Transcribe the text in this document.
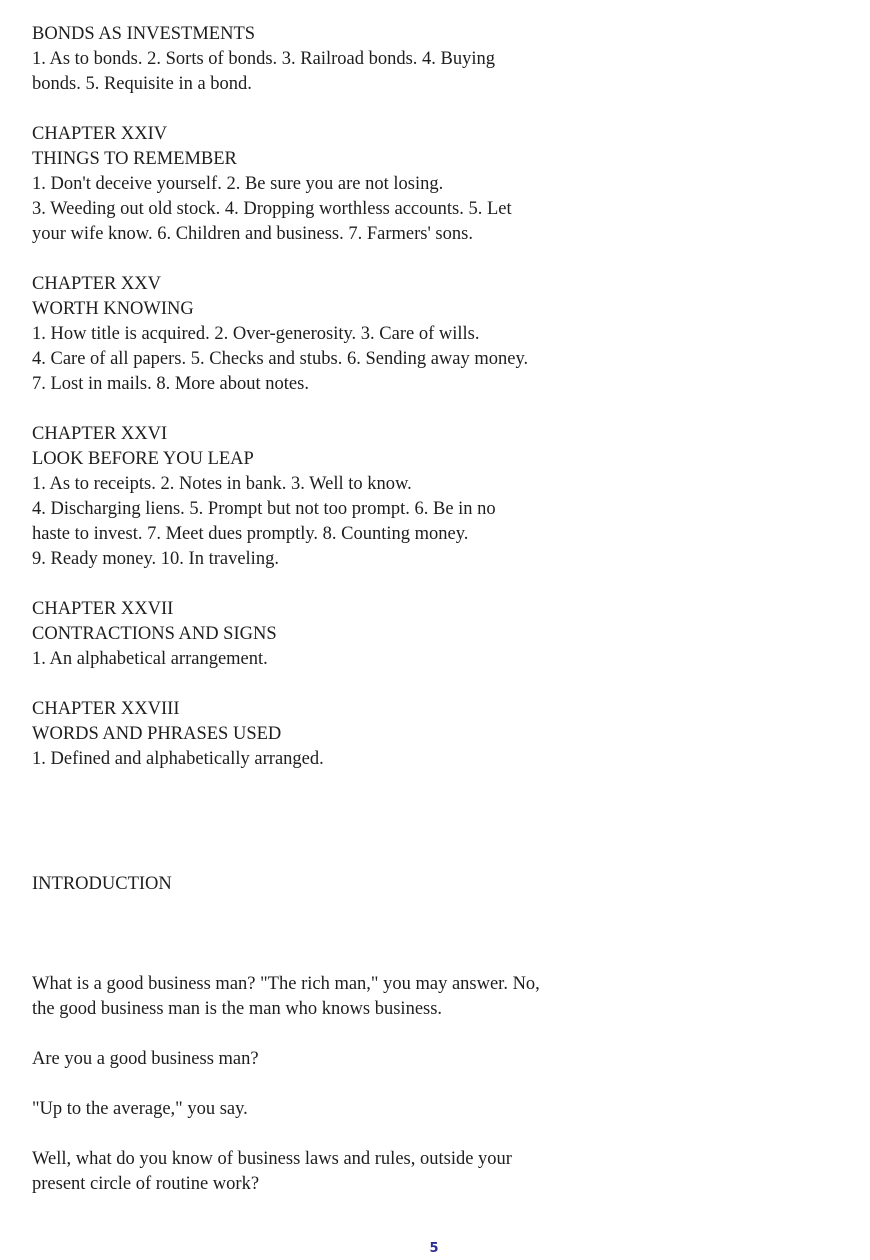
BONDS AS INVESTMENTS
1. As to bonds. 2. Sorts of bonds. 3. Railroad bonds. 4. Buying
bonds. 5. Requisite in a bond.
CHAPTER XXIV
THINGS TO REMEMBER
1. Don't deceive yourself. 2. Be sure you are not losing.
3. Weeding out old stock. 4. Dropping worthless accounts. 5. Let
your wife know. 6. Children and business. 7. Farmers' sons.
CHAPTER XXV
WORTH KNOWING
1. How title is acquired. 2. Over-generosity. 3. Care of wills.
4. Care of all papers. 5. Checks and stubs. 6. Sending away money.
7. Lost in mails. 8. More about notes.
CHAPTER XXVI
LOOK BEFORE YOU LEAP
1. As to receipts. 2. Notes in bank. 3. Well to know.
4. Discharging liens. 5. Prompt but not too prompt. 6. Be in no
haste to invest. 7. Meet dues promptly. 8. Counting money.
9. Ready money. 10. In traveling.
CHAPTER XXVII
CONTRACTIONS AND SIGNS
1. An alphabetical arrangement.
CHAPTER XXVIII
WORDS AND PHRASES USED
1. Defined and alphabetically arranged.
INTRODUCTION
What is a good business man? "The rich man," you may answer. No,
the good business man is the man who knows business.
Are you a good business man?
"Up to the average," you say.
Well, what do you know of business laws and rules, outside your
present circle of routine work?
5
